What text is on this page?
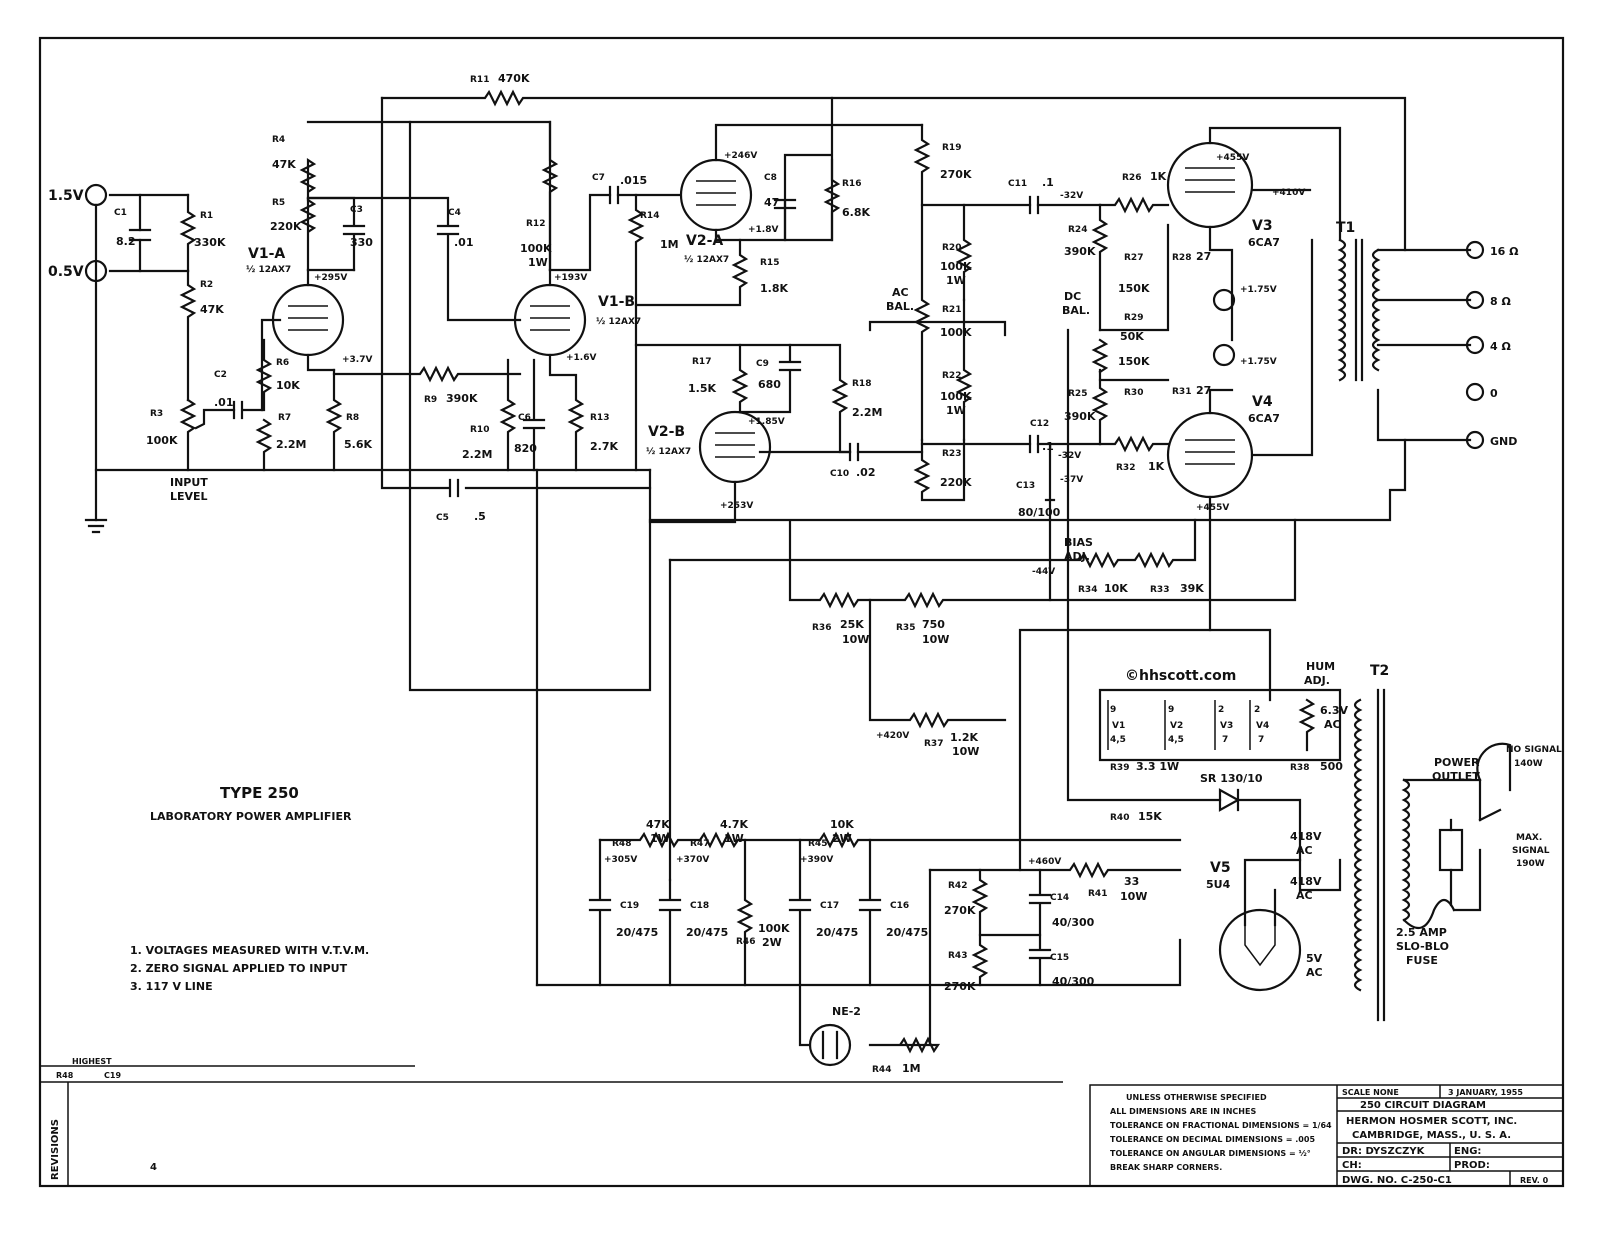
1.5V
0.5V
16 Ω
8 Ω
4 Ω
0
GND
R11 470K
R4
47K
R5
220K
C1
8.2
R1
330K
R2
47K
C2
.01
R3
100K
C3
330
C4
.01
R6
10K
R7
2.2M
R8
5.6K
R9 390K
R10
2.2M
C6
820
C5 .5
R12
100K
1W
R13
2.7K
C7 .015
R14
1M
C8
47
R16
6.8K
R15
1.8K
R17
1.5K
C9
680	R18
2.2M
C10 .02
R19
270K
R20
100K
1W
R21
100K
R22
100K
1W
R23
220K
C11 .1
C12
.1
C13
80/100
R26 1K
R24
390K	R27
150K
R28 27
R29
50K
R30
150K
R25
390K
R31 27
R32 1K
R34 10K R33 39K
R36 25K
10W
R35 750
10W
R37 1.2K
10W
R39 3.3 1W	R38 500
R40 15K
R48
47K
1W R47
4.7K
1W	R45
10K
2W
R46
100K
2W
C19
20/475
C18
20/475
C17
20/475
C16
20/475
R42
270K
R43
270K
C14
40/300
C15
40/300
R41
33
10W
R44 1M
V1-A
½ 12AX7
V1-B
½ 12AX7
V2-A
½ 12AX7
V2-B
½ 12AX7
V3
6CA7
V4
6CA7
V5
5U4
+295V
+3.7V
+193V
+1.6V
+246V
+1.8V
+1.85V
+253V
+455V
+410V
-32V
+1.75V
+1.75V
-32V
-37V
+455V
-44V
+420V
+305V	+370V	+390V	+460V
INPUT
LEVEL
AC
BAL.
DC
BAL.
BIAS
ADJ.
HUM
ADJ.
T1
T2
SR 130/10
NE-2
6.3V
AC
418V
AC
418V
AC
5V
AC
POWER
OUTLET
NO SIGNAL
140W
MAX.
SIGNAL
190W
2.5 AMP
SLO-BLO
FUSE
9
V1
4,5
9
V2
4,5
2
V3
7
2
V4
7
©hhscott.com
TYPE 250
LABORATORY POWER AMPLIFIER
1. VOLTAGES MEASURED WITH V.T.V.M.
2. ZERO SIGNAL APPLIED TO INPUT
3. 117 V LINE
HIGHEST
R48	C19
4
REVISIONS
UNLESS OTHERWISE SPECIFIED
ALL DIMENSIONS ARE IN INCHES
TOLERANCE ON FRACTIONAL DIMENSIONS = 1/64
TOLERANCE ON DECIMAL DIMENSIONS = .005
TOLERANCE ON ANGULAR DIMENSIONS = ½°
BREAK SHARP CORNERS.
SCALE NONE	3 JANUARY, 1955
250 CIRCUIT DIAGRAM
HERMON HOSMER SCOTT, INC.
CAMBRIDGE, MASS., U. S. A.
DR: DYSZCZYK	ENG:
CH:	PROD:
DWG. NO. C-250-C1	REV. 0
